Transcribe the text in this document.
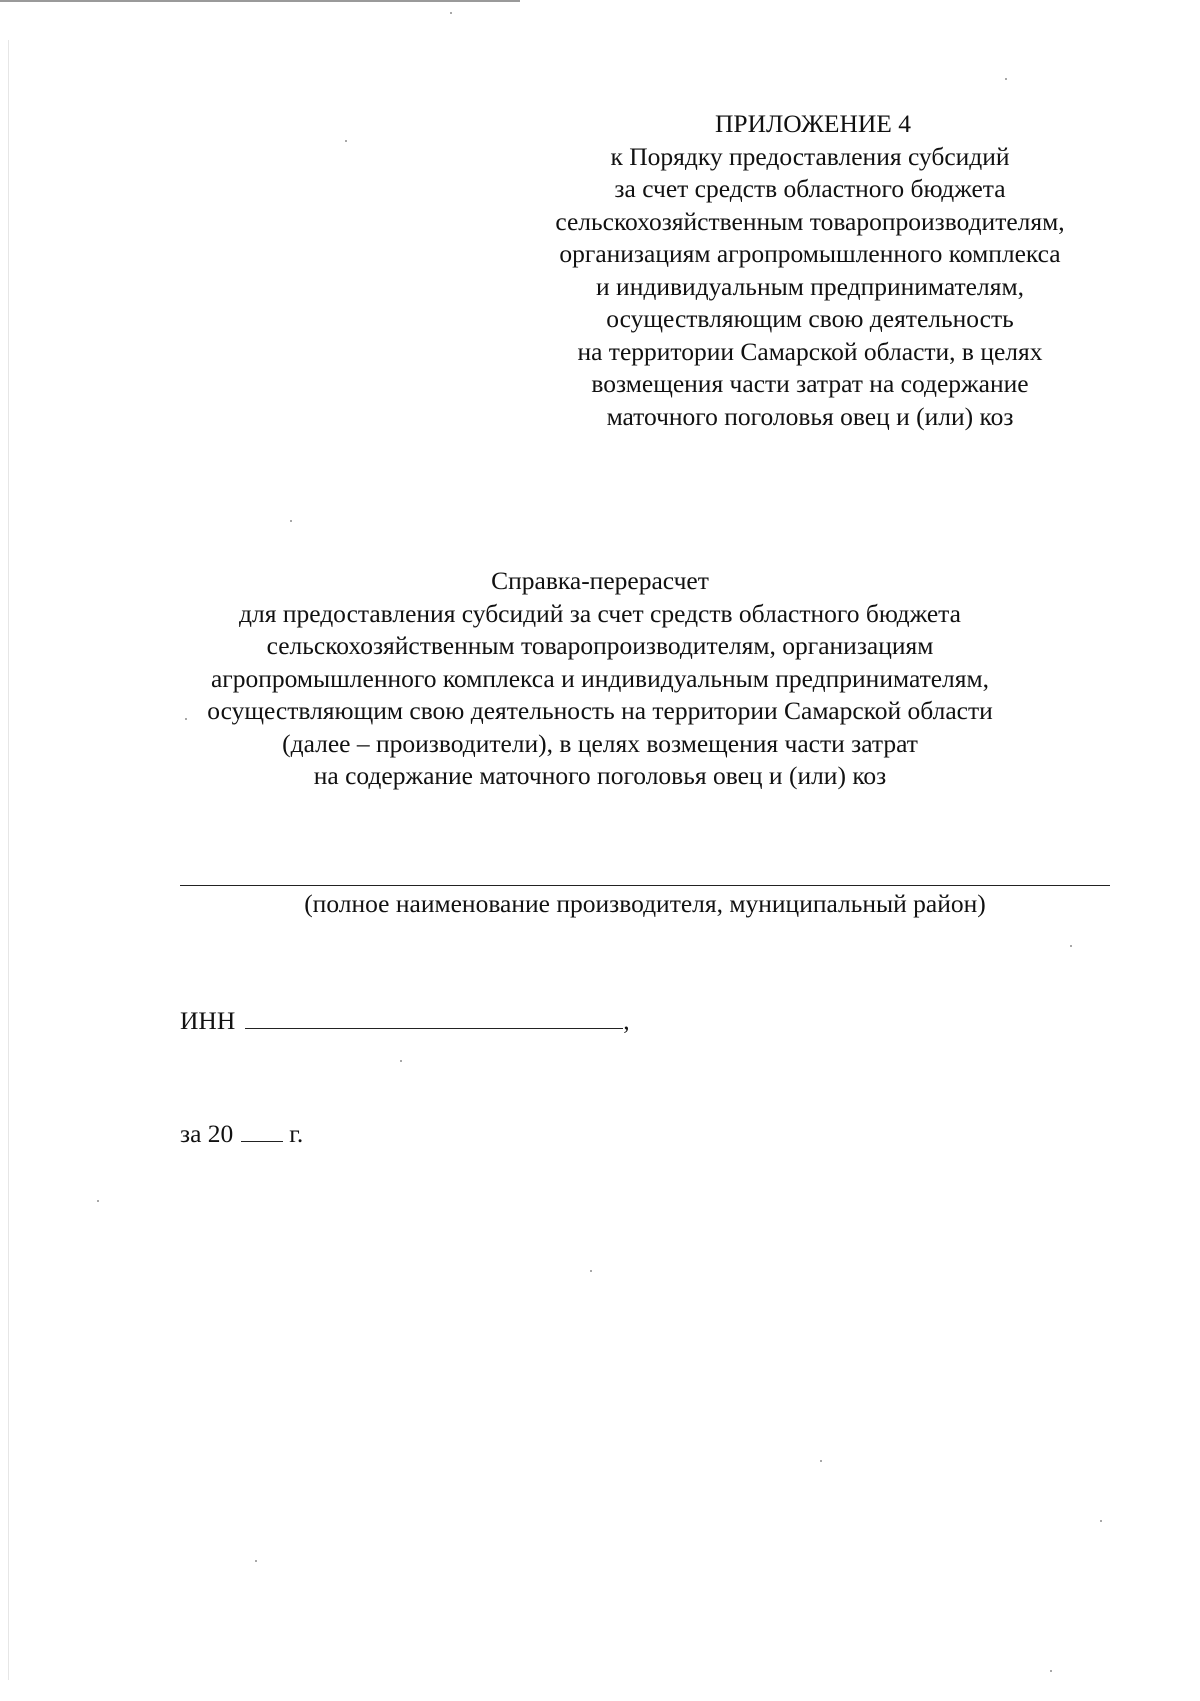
ПРИЛОЖЕНИЕ 4
к Порядку предоставления субсидий
за счет средств областного бюджета
сельскохозяйственным товаропроизводителям,
организациям агропромышленного комплекса
и индивидуальным предпринимателям,
осуществляющим свою деятельность
на территории Самарской области, в целях
возмещения части затрат на содержание
маточного поголовья овец и (или) коз
Справка-перерасчет
для предоставления субсидий за счет средств областного бюджета
сельскохозяйственным товаропроизводителям, организациям
агропромышленного комплекса и индивидуальным предпринимателям,
осуществляющим свою деятельность на территории Самарской области
(далее – производители), в целях возмещения части затрат
на содержание маточного поголовья овец и (или) коз
(полное наименование производителя, муниципальный район)
ИНН	,
за 20 г.
